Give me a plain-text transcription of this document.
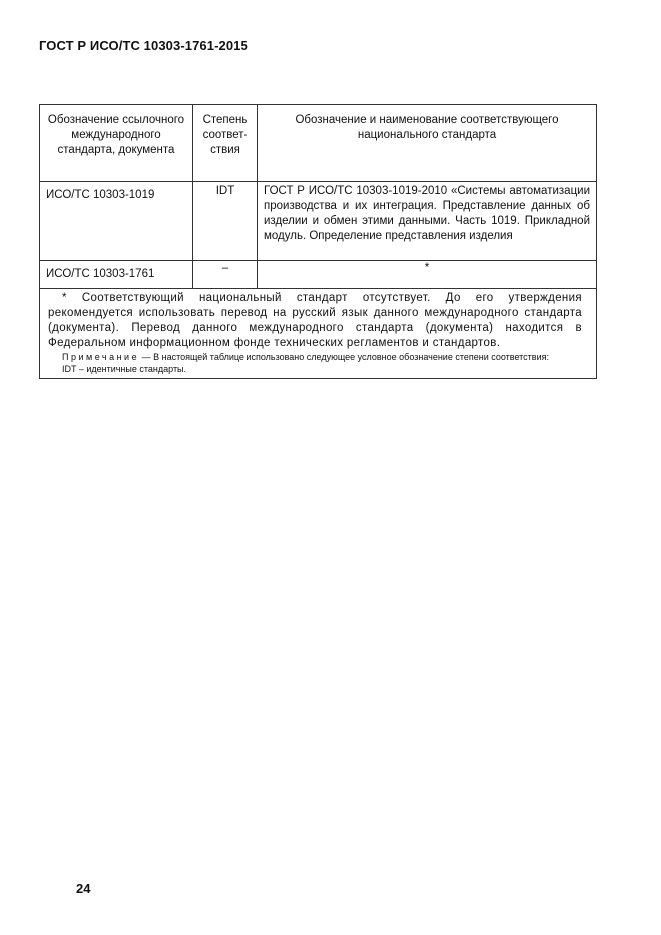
ГОСТ Р ИСО/ТС 10303-1761-2015
Обозначение ссылочного международного стандарта, документа	Степень соответ-ствия	Обозначение и наименование соответствующего национального стандарта
ИСО/ТС 10303-1019	IDT	ГОСТ Р ИСО/ТС 10303-1019-2010 «Системы автоматизации производства и их интеграция. Представление данных об изделии и обмен этими данными. Часть 1019. Прикладной модуль. Определение представления изделия
ИСО/ТС 10303-1761	–	*

* Соответствующий национальный стандарт отсутствует. До его утверждения рекомендуется использовать перевод на русский язык данного международного стандарта (документа). Перевод данного международного стандарта (документа) находится в Федеральном информационном фонде технических регламентов и стандартов.

Примечание — В настоящей таблице использовано следующее условное обозначение степени соответствия:

IDT – идентичные стандарты.		

24
